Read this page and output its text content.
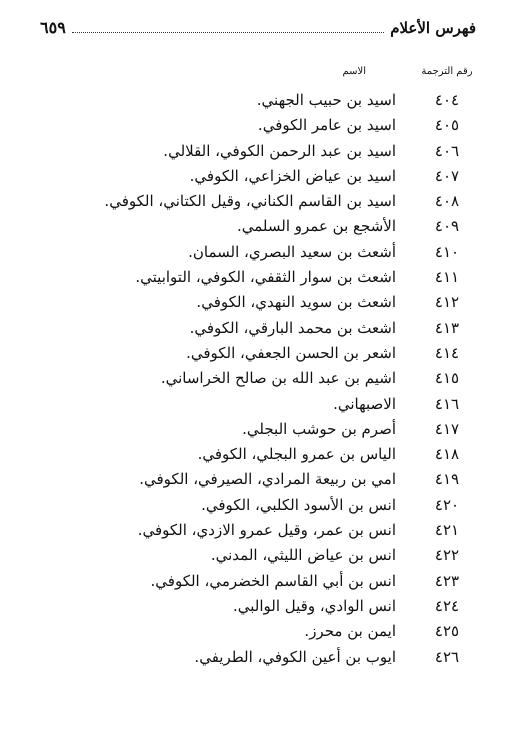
فهرس الأعلام
٦٥٩
رقم الترجمة
الاسم
٤٠٤
اسيد بن حبيب الجهني.
٤٠٥
اسيد بن عامر الكوفي.
٤٠٦
اسيد بن عبد الرحمن الكوفي، القلالي.
٤٠٧
اسيد بن عياض الخزاعي، الكوفي.
٤٠٨
اسيد بن القاسم الكناني، وقيل الكتاني، الكوفي.
٤٠٩
الأشجع بن عمرو السلمي.
٤١٠
أشعث بن سعيد البصري، السمان.
٤١١
اشعث بن سوار الثقفي، الكوفي، التوابيتي.
٤١٢
اشعث بن سويد النهدي، الكوفي.
٤١٣
اشعث بن محمد البارقي، الكوفي.
٤١٤
اشعر بن الحسن الجعفي، الكوفي.
٤١٥
اشيم بن عبد الله بن صالح الخراساني.
٤١٦
الاصبهاني.
٤١٧
أصرم بن حوشب البجلي.
٤١٨
الياس بن عمرو البجلي، الكوفي.
٤١٩
امي بن ربيعة المرادي، الصيرفي، الكوفي.
٤٢٠
انس بن الأسود الكلبي، الكوفي.
٤٢١
انس بن عمر، وقيل عمرو الازدي، الكوفي.
٤٢٢
انس بن عياض الليثي، المدني.
٤٢٣
انس بن أبي القاسم الخضرمي، الكوفي.
٤٢٤
انس الوادي، وقيل الوالبي.
٤٢٥
ايمن بن محرز.
٤٢٦
ايوب بن أعين الكوفي، الطريفي.
